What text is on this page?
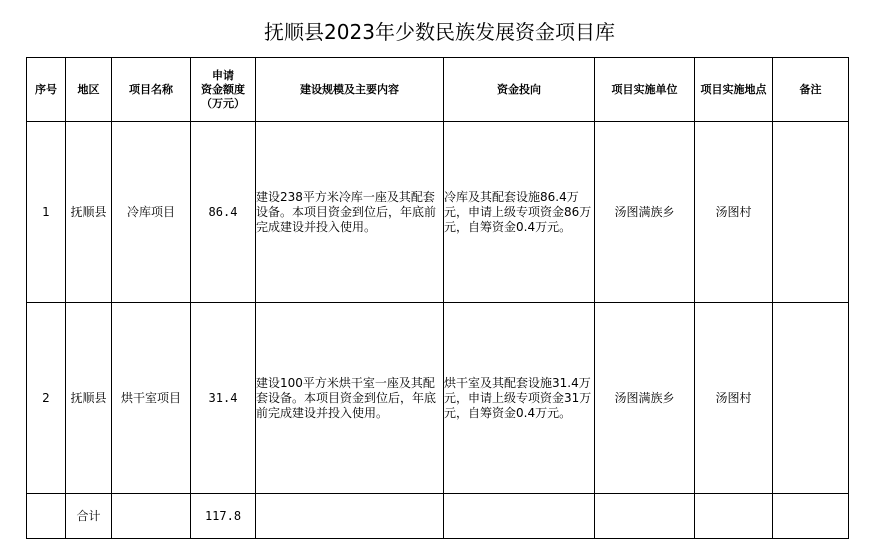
抚顺县2023年少数民族发展资金项目库
序号	地区	项目名称	申请
资金额度
（万元）	建设规模及主要内容	资金投向	项目实施单位	项目实施地点	备注
1	抚顺县	冷库项目	86.4	建设238平方米冷库一座及其配套设备。本项目资金到位后，年底前完成建设并投入使用。	冷库及其配套设施86.4万元，申请上级专项资金86万元，自筹资金0.4万元。	汤图满族乡	汤图村	
2	抚顺县	烘干室项目	31.4	建设100平方米烘干室一座及其配套设备。本项目资金到位后，年底前完成建设并投入使用。	烘干室及其配套设施31.4万元，申请上级专项资金31万元，自筹资金0.4万元。	汤图满族乡	汤图村	
	合计		117.8					
